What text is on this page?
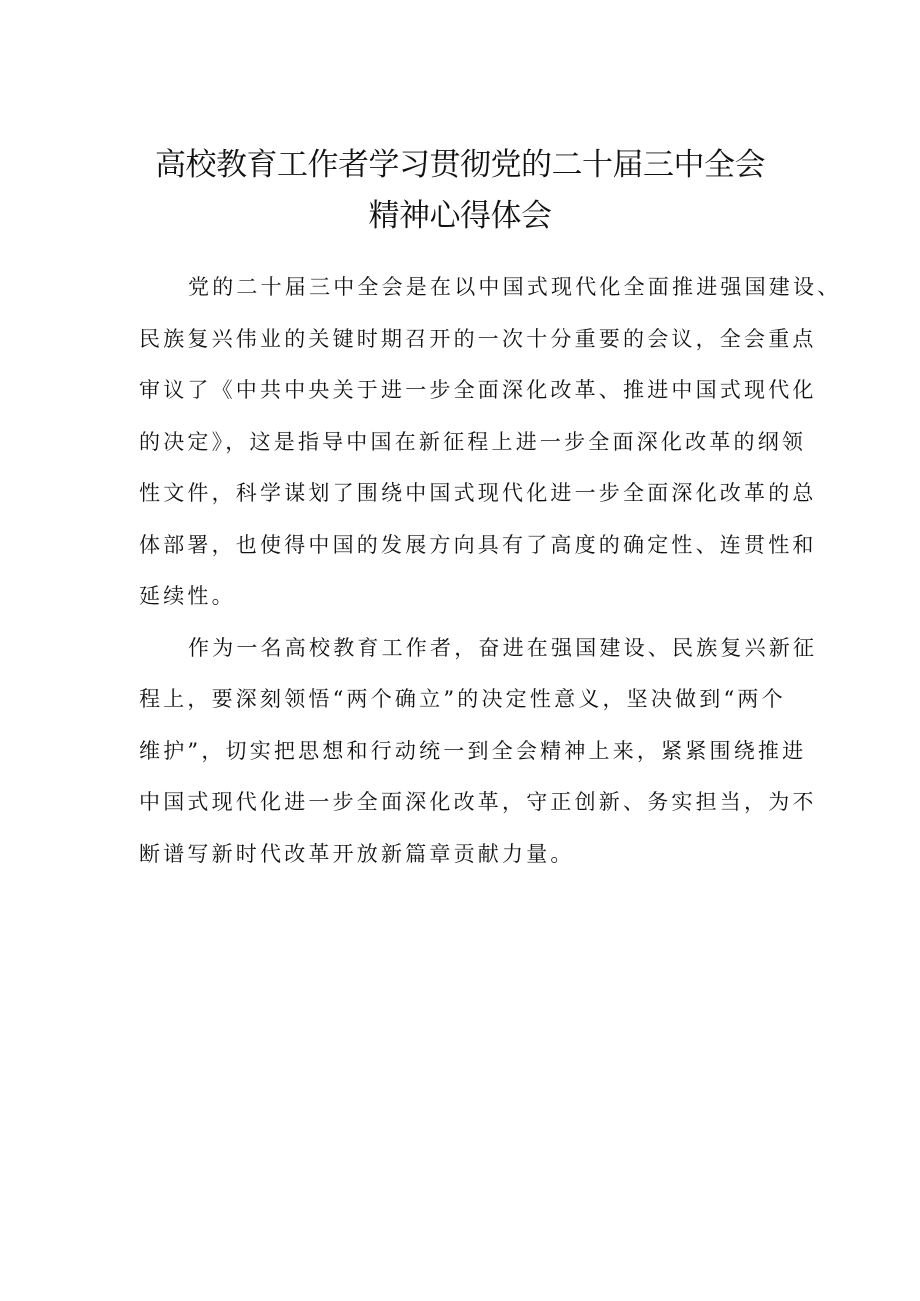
高校教育工作者学习贯彻党的二十届三中全会
精神心得体会
党的二十届三中全会是在以中国式现代化全面推进强国建设、
民族复兴伟业的关键时期召开的一次十分重要的会议，全会重点
审议了《中共中央关于进一步全面深化改革、推进中国式现代化
的决定》，这是指导中国在新征程上进一步全面深化改革的纲领
性文件，科学谋划了围绕中国式现代化进一步全面深化改革的总
体部署，也使得中国的发展方向具有了高度的确定性、连贯性和
延续性。
作为一名高校教育工作者，奋进在强国建设、民族复兴新征
程上，要深刻领悟“两个确立”的决定性意义，坚决做到“两个
维护”，切实把思想和行动统一到全会精神上来，紧紧围绕推进
中国式现代化进一步全面深化改革，守正创新、务实担当，为不
断谱写新时代改革开放新篇章贡献力量。
